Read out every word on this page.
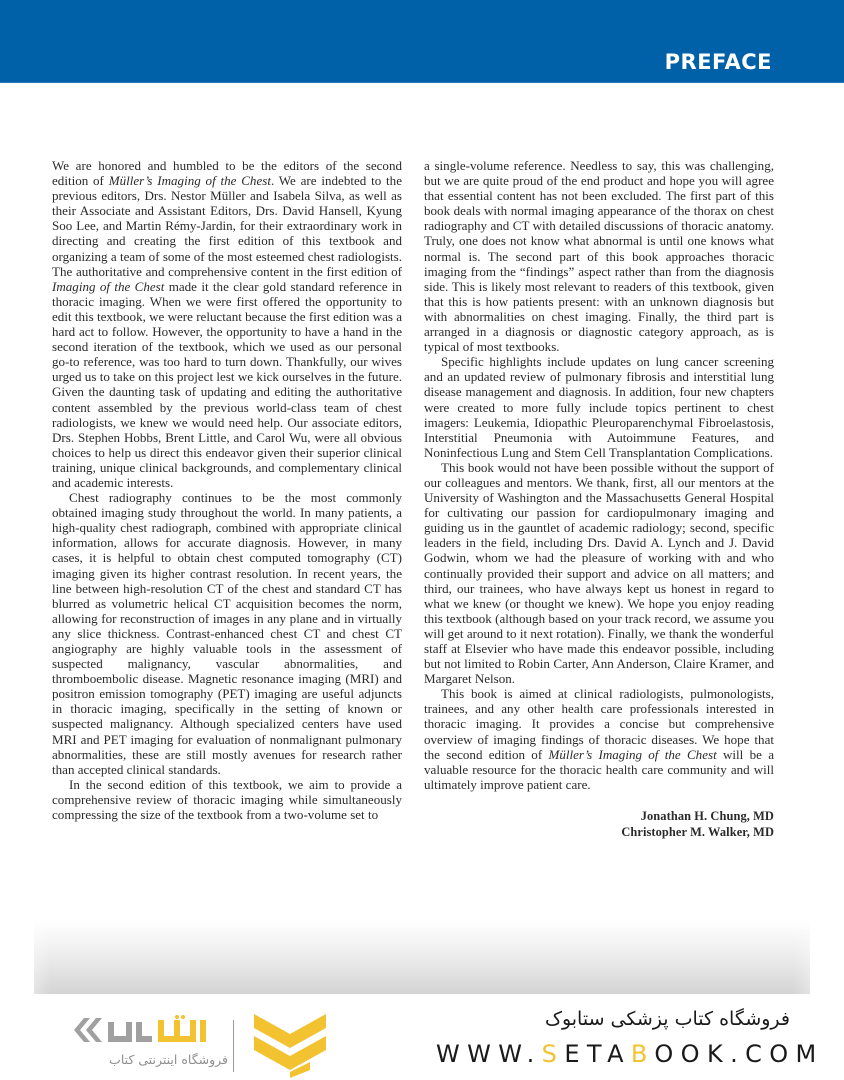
PREFACE

We are honored and humbled to be the editors of the second edition of Müller’s Imaging of the Chest. We are indebted to the previous editors, Drs. Nestor Müller and Isabela Silva, as well as their Associate and Assistant Editors, Drs. David Hansell, Kyung Soo Lee, and Martin Rémy-Jardin, for their extraordinary work in directing and creating the first edition of this textbook and organizing a team of some of the most esteemed chest radiologists. The authoritative and comprehensive content in the first edition of Imaging of the Chest made it the clear gold standard reference in thoracic imaging. When we were first offered the opportunity to edit this textbook, we were reluctant because the first edition was a hard act to follow. However, the opportunity to have a hand in the second iteration of the textbook, which we used as our personal go-to reference, was too hard to turn down. Thankfully, our wives urged us to take on this project lest we kick ourselves in the future. Given the daunting task of updating and editing the authoritative content assembled by the previous world-class team of chest radiologists, we knew we would need help. Our associate editors, Drs. Stephen Hobbs, Brent Little, and Carol Wu, were all obvious choices to help us direct this endeavor given their superior clinical training, unique clinical backgrounds, and complementary clinical and academic interests.

Chest radiography continues to be the most commonly obtained imaging study throughout the world. In many patients, a high-quality chest radiograph, combined with appropriate clinical information, allows for accurate diagnosis. However, in many cases, it is helpful to obtain chest computed tomography (CT) imaging given its higher contrast resolution. In recent years, the line between high-resolution CT of the chest and standard CT has blurred as volumetric helical CT acquisition becomes the norm, allowing for reconstruction of images in any plane and in virtually any slice thickness. Contrast-enhanced chest CT and chest CT angiography are highly valuable tools in the assessment of suspected malignancy, vascular abnormalities, and thromboembolic disease. Magnetic resonance imaging (MRI) and positron emission tomography (PET) imaging are useful adjuncts in thoracic imaging, specifically in the setting of known or suspected malignancy. Although specialized centers have used MRI and PET imaging for evaluation of nonmalignant pulmonary abnormalities, these are still mostly avenues for research rather than accepted clinical standards.

In the second edition of this textbook, we aim to provide a comprehensive review of thoracic imaging while simultaneously compressing the size of the textbook from a two-volume set to

a single-volume reference. Needless to say, this was challenging, but we are quite proud of the end product and hope you will agree that essential content has not been excluded. The first part of this book deals with normal imaging appearance of the thorax on chest radiography and CT with detailed discussions of thoracic anatomy. Truly, one does not know what abnormal is until one knows what normal is. The second part of this book approaches thoracic imaging from the “findings” aspect rather than from the diagnosis side. This is likely most relevant to readers of this textbook, given that this is how patients present: with an unknown diagnosis but with abnormalities on chest imaging. Finally, the third part is arranged in a diagnosis or diagnostic category approach, as is typical of most textbooks.

Specific highlights include updates on lung cancer screening and an updated review of pulmonary fibrosis and interstitial lung disease management and diagnosis. In addition, four new chapters were created to more fully include topics pertinent to chest imagers: Leukemia, Idiopathic Pleuroparenchymal Fibroelastosis, Interstitial Pneumonia with Autoimmune Features, and Noninfectious Lung and Stem Cell Transplantation Complications.

This book would not have been possible without the support of our colleagues and mentors. We thank, first, all our mentors at the University of Washington and the Massachusetts General Hospital for cultivating our passion for cardiopulmonary imaging and guiding us in the gauntlet of academic radiology; second, specific leaders in the field, including Drs. David A. Lynch and J. David Godwin, whom we had the pleasure of working with and who continually provided their support and advice on all matters; and third, our trainees, who have always kept us honest in regard to what we knew (or thought we knew). We hope you enjoy reading this textbook (although based on your track record, we assume you will get around to it next rotation). Finally, we thank the wonderful staff at Elsevier who have made this endeavor possible, including but not limited to Robin Carter, Ann Anderson, Claire Kramer, and Margaret Nelson.

This book is aimed at clinical radiologists, pulmonologists, trainees, and any other health care professionals interested in thoracic imaging. It provides a concise but comprehensive overview of imaging findings of thoracic diseases. We hope that the second edition of Müller’s Imaging of the Chest will be a valuable resource for the thoracic health care community and will ultimately improve patient care.

Jonathan H. Chung, MD
Christopher M. Walker, MD
فروشگاه اینترنتی کتاب
فروشگاه کتاب پزشکی ستابوک
WWW.SETABOOK.COM
